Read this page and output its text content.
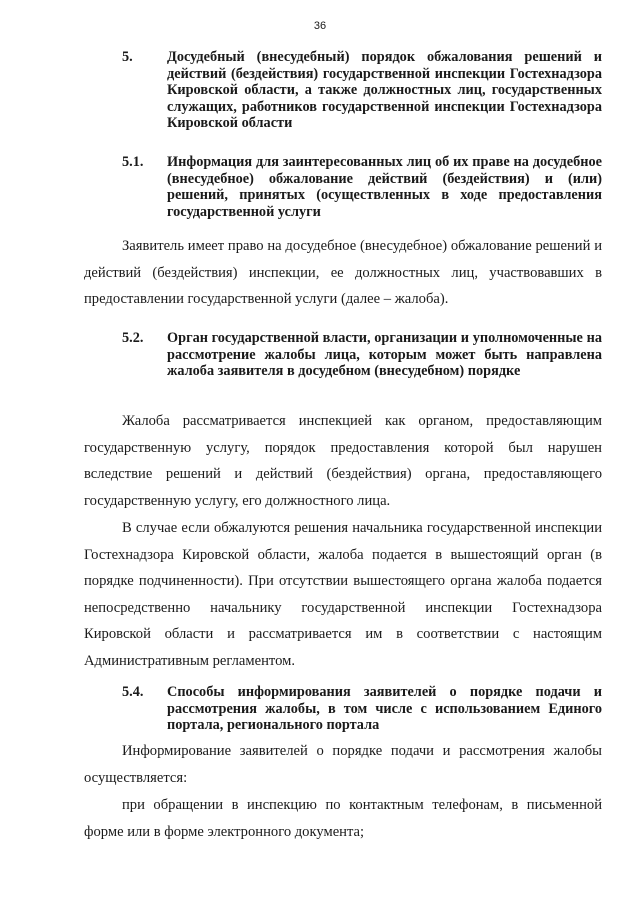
36
5. Досудебный (внесудебный) порядок обжалования решений и действий (бездействия) государственной инспекции Гостехнадзора Кировской области, а также должностных лиц, государственных служащих, работников государственной инспекции Гостехнадзора Кировской области
5.1. Информация для заинтересованных лиц об их праве на досудебное (внесудебное) обжалование действий (бездействия) и (или) решений, принятых (осуществленных в ходе предоставления государственной услуги
Заявитель имеет право на досудебное (внесудебное) обжалование решений и действий (бездействия) инспекции, ее должностных лиц, участвовавших в предоставлении государственной услуги (далее – жалоба).
5.2. Орган государственной власти, организации и уполномоченные на рассмотрение жалобы лица, которым может быть направлена жалоба заявителя в досудебном (внесудебном) порядке
Жалоба рассматривается инспекцией как органом, предоставляющим государственную услугу, порядок предоставления которой был нарушен вследствие решений и действий (бездействия) органа, предоставляющего государственную услугу, его должностного лица.
В случае если обжалуются решения начальника государственной инспекции Гостехнадзора Кировской области, жалоба подается в вышестоящий орган (в порядке подчиненности). При отсутствии вышестоящего органа жалоба подается непосредственно начальнику государственной инспекции Гостехнадзора Кировской области и рассматривается им в соответствии с настоящим Административным регламентом.
5.4. Способы информирования заявителей о порядке подачи и рассмотрения жалобы, в том числе с использованием Единого портала, регионального портала
Информирование заявителей о порядке подачи и рассмотрения жалобы осуществляется:
при обращении в инспекцию по контактным телефонам, в письменной форме или в форме электронного документа;
